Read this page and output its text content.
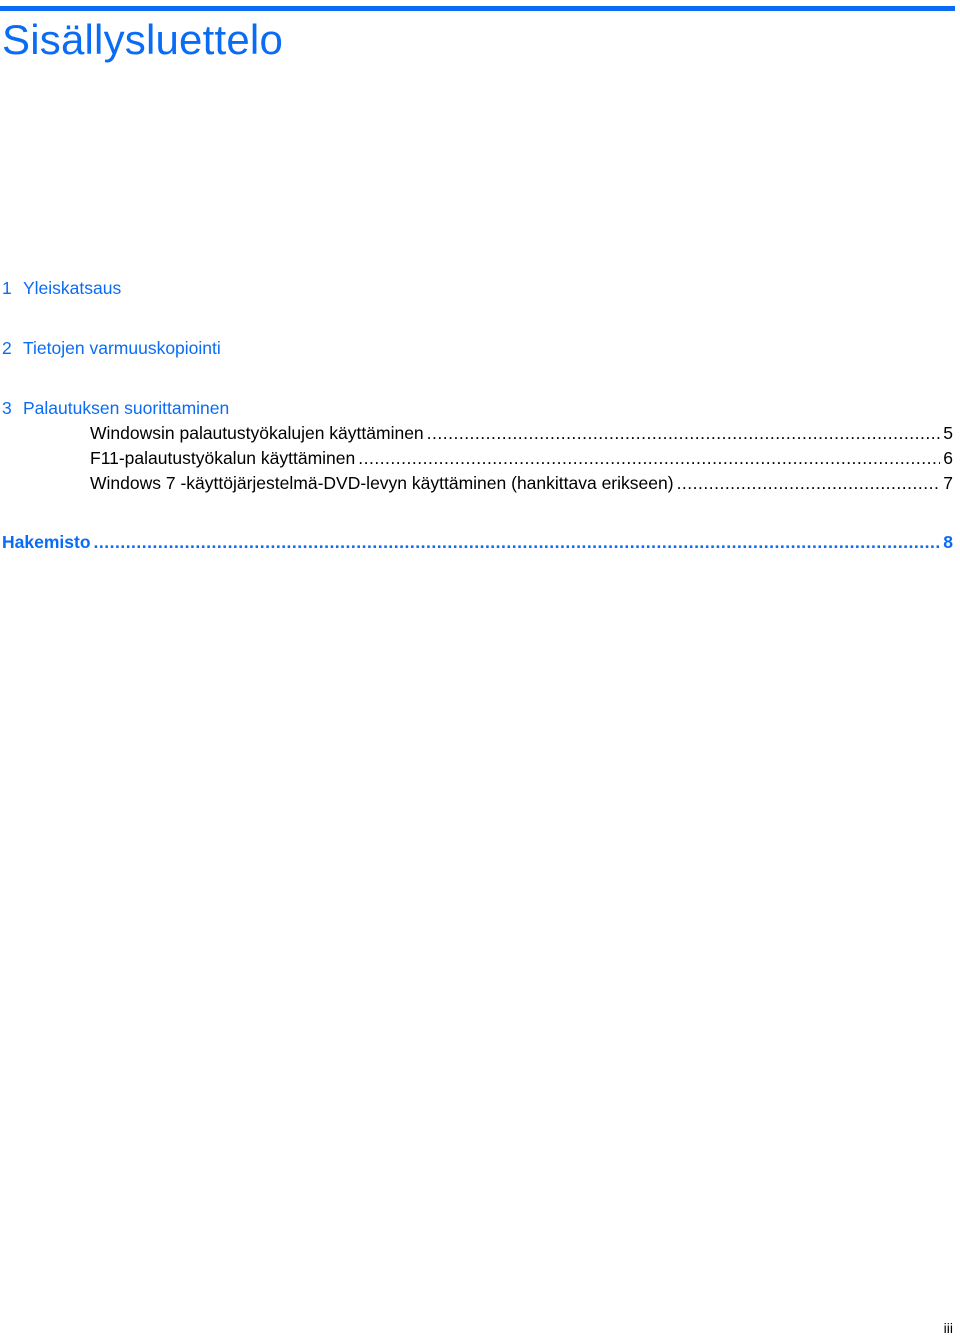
Sisällysluettelo
1 Yleiskatsaus
2 Tietojen varmuuskopiointi
3 Palautuksen suorittaminen
Windowsin palautustyökalujen käyttäminen .....	5
F11-palautustyökalun käyttäminen .....	6
Windows 7 -käyttöjärjestelmä-DVD-levyn käyttäminen (hankittava erikseen) .....	7
Hakemisto .....	8
iii
